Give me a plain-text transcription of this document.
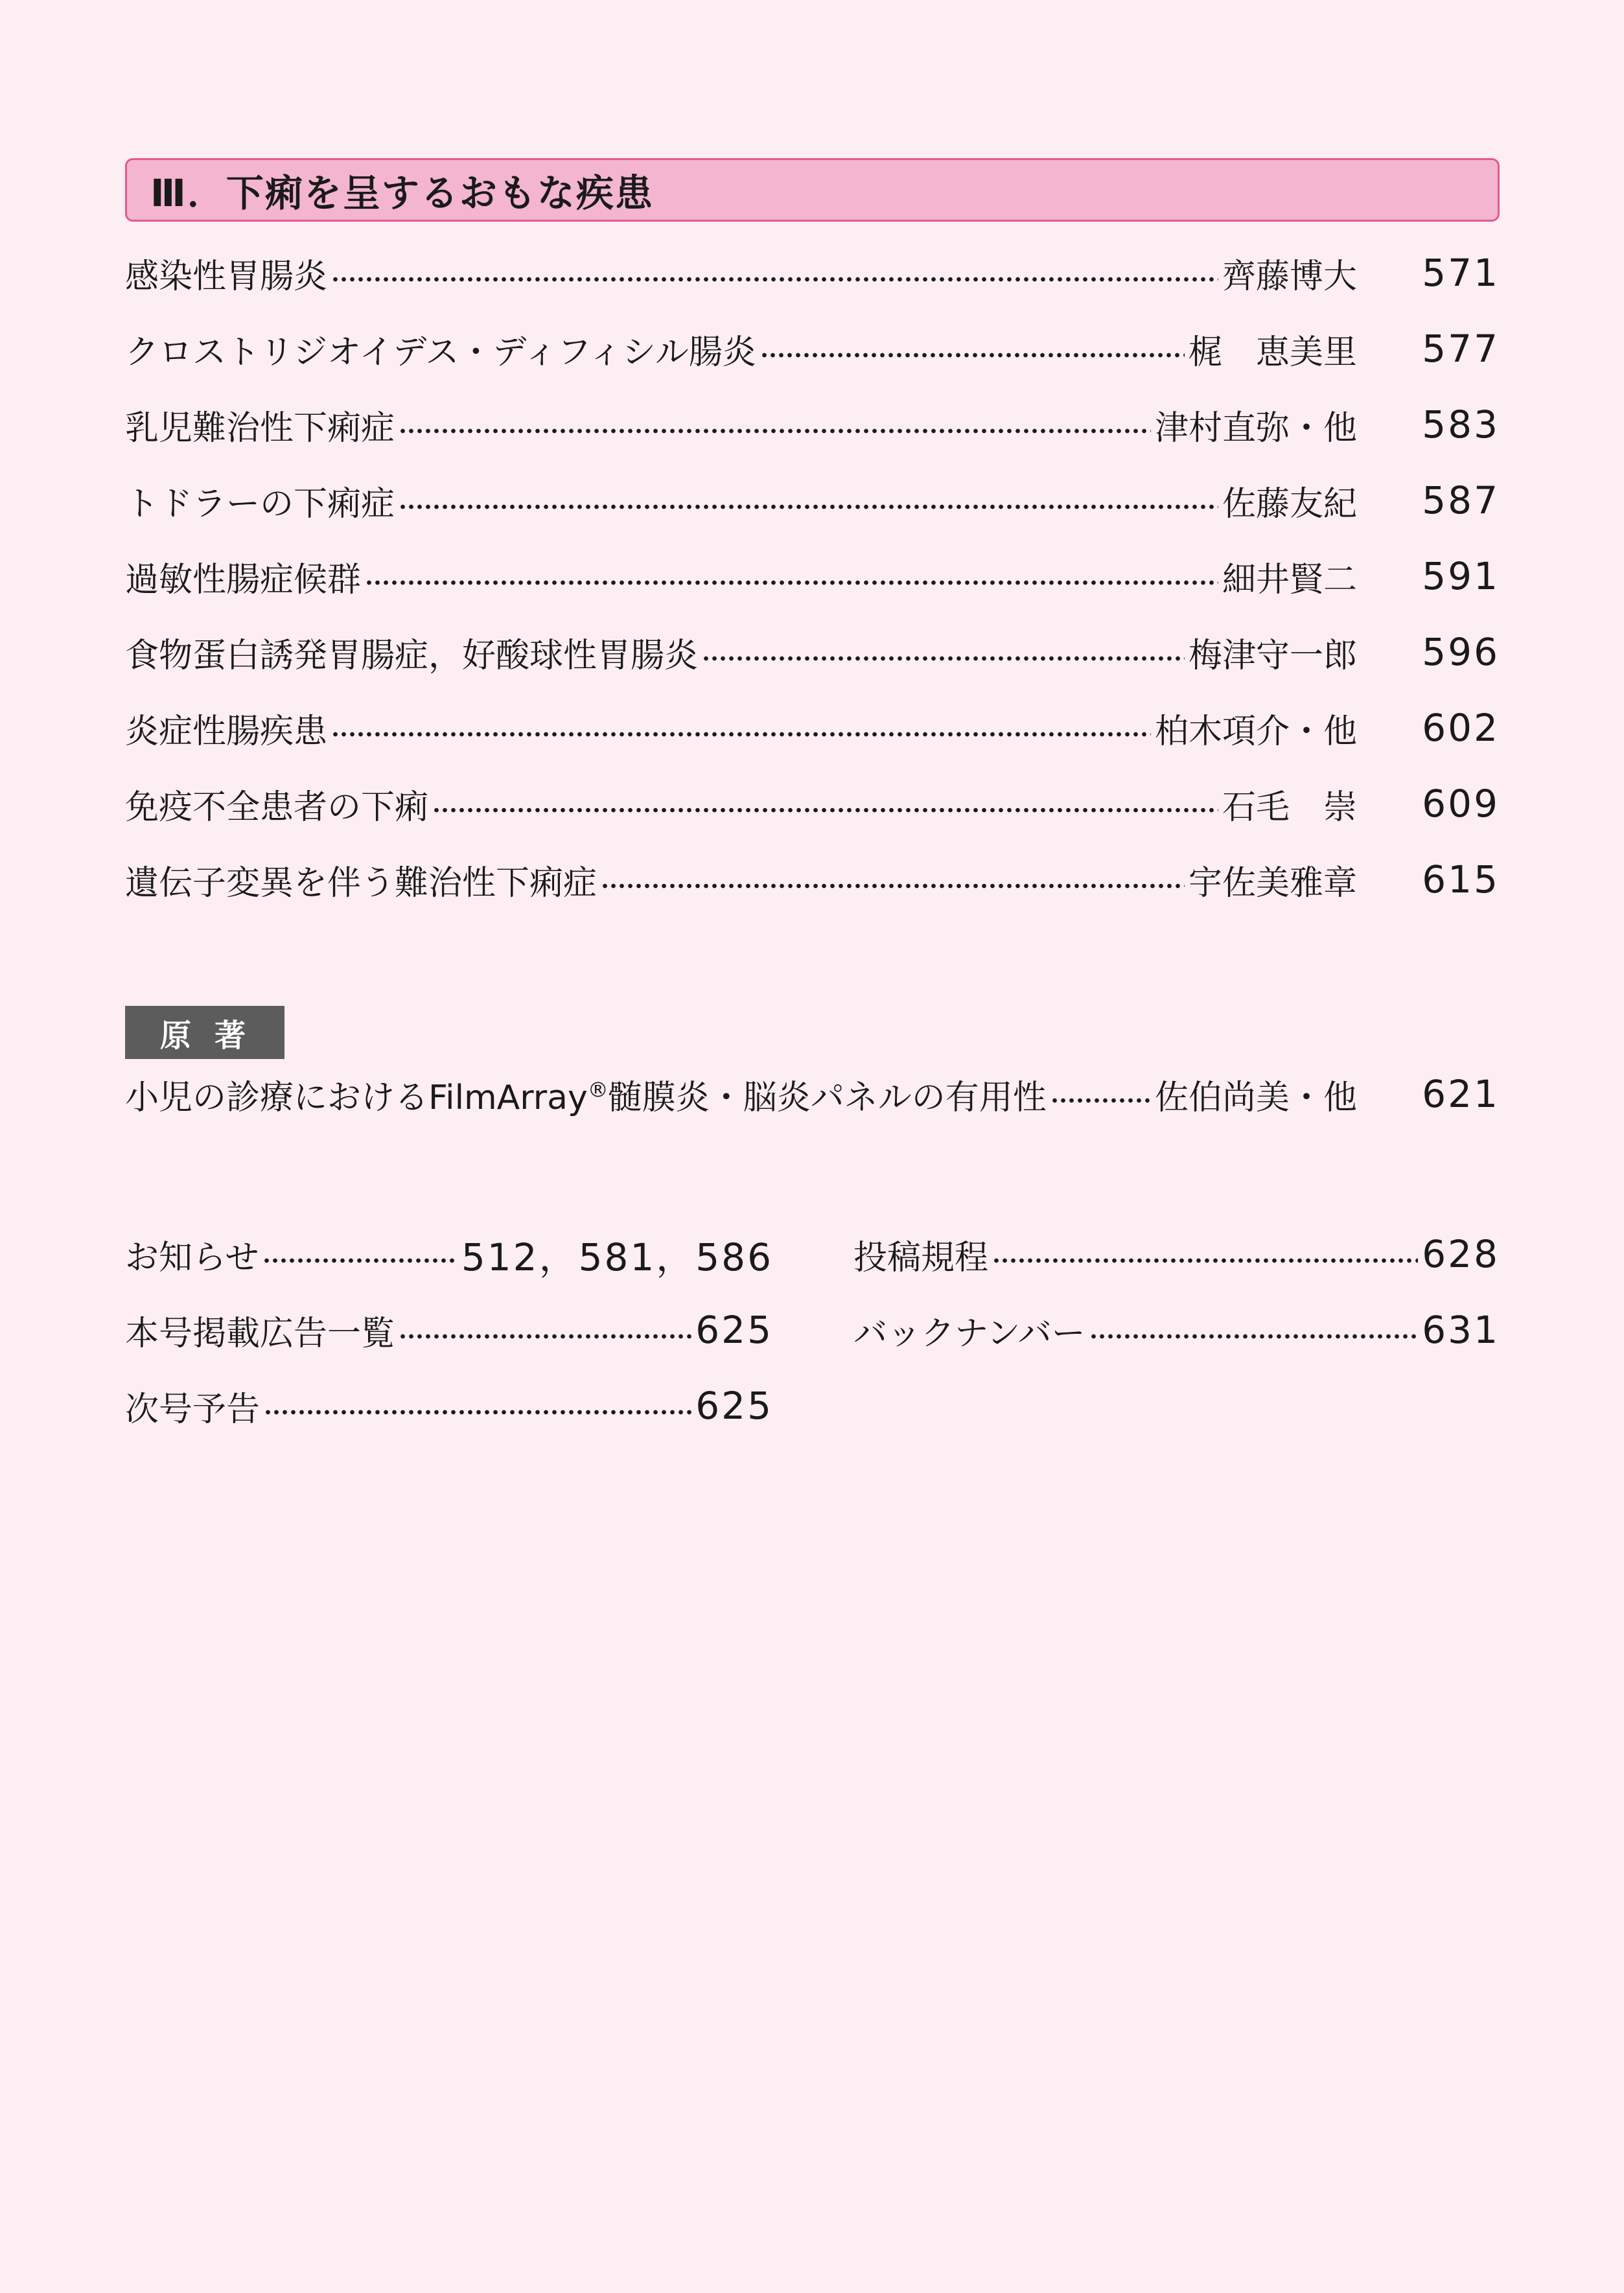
Ⅲ．下痢を呈するおもな疾患
感染性胃腸炎	齊藤博大	571
クロストリジオイデス・ディフィシル腸炎	梶　恵美里	577
乳児難治性下痢症	津村直弥・他	583
トドラーの下痢症	佐藤友紀	587
過敏性腸症候群	細井賢二	591
食物蛋白誘発胃腸症，好酸球性胃腸炎	梅津守一郎	596
炎症性腸疾患	柏木項介・他	602
免疫不全患者の下痢	石毛　崇	609
遺伝子変異を伴う難治性下痢症	宇佐美雅章	615
原著
小児の診療におけるFilmArray®髄膜炎・脳炎パネルの有用性	佐伯尚美・他	621
お知らせ	512，581，586
本号掲載広告一覧	625
次号予告	625
投稿規程	628
バックナンバー	631
